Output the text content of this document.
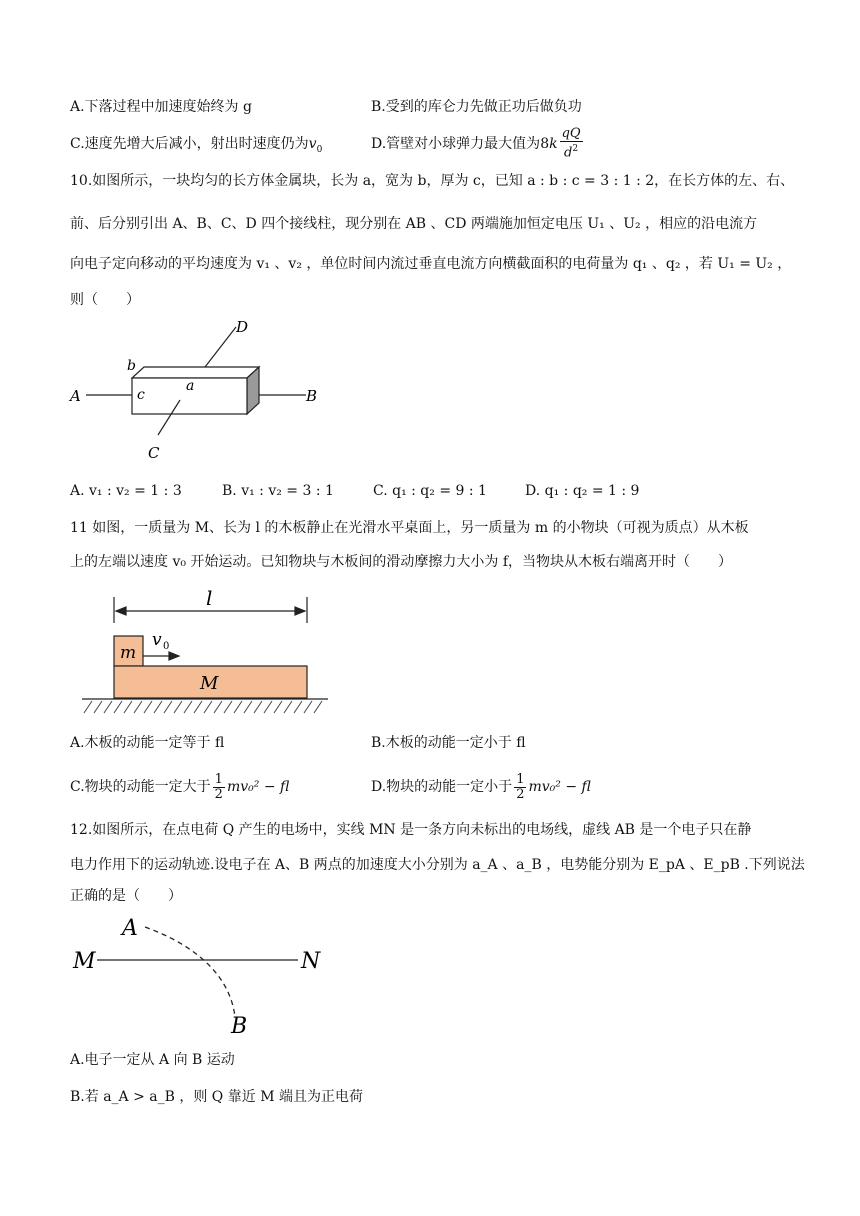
A.下落过程中加速度始终为 g	B.受到的库仑力先做正功后做负功
C.速度先增大后减小，射出时速度仍为$v_0$	D.管壁对小球弹力最大值为$8k \frac{qQ}{d^2}$
10.如图所示，一块均匀的长方体金属块，长为 a，宽为 b，厚为 c，已知 a : b : c = 3 : 1 : 2，在长方体的左、右、
前、后分别引出 A、B、C、D 四个接线柱，现分别在 AB 、CD 两端施加恒定电压 U₁ 、U₂ ，相应的沿电流方
向电子定向移动的平均速度为 v₁ 、v₂ ，单位时间内流过垂直电流方向横截面积的电荷量为 q₁ 、q₂ ，若 U₁ = U₂ ，
则（　　）
A	B
C
D
a
b
c
A. v₁ : v₂ = 1 : 3	B. v₁ : v₂ = 3 : 1	C. q₁ : q₂ = 9 : 1	D. q₁ : q₂ = 1 : 9
11 如图，一质量为 M、长为 l 的木板静止在光滑水平桌面上，另一质量为 m 的小物块（可视为质点）从木板
上的左端以速度 v₀ 开始运动。已知物块与木板间的滑动摩擦力大小为 f，当物块从木板右端离开时（　　）
l
m
M
v 0
A.木板的动能一定等于 fl	B.木板的动能一定小于 fl
C.物块的动能一定大于 $\frac{1}{2} mv_0^2$ − fl	D.物块的动能一定小于 $\frac{1}{2} mv_0^2$ − fl
12.如图所示，在点电荷 Q 产生的电场中，实线 MN 是一条方向未标出的电场线，虚线 AB 是一个电子只在静
电力作用下的运动轨迹.设电子在 A、B 两点的加速度大小分别为 a_A 、a_B ，电势能分别为 E_pA 、E_pB .下列说法
正确的是（　　）
A
B
M	N
A.电子一定从 A 向 B 运动
B.若 a_A > a_B ，则 Q 靠近 M 端且为正电荷
